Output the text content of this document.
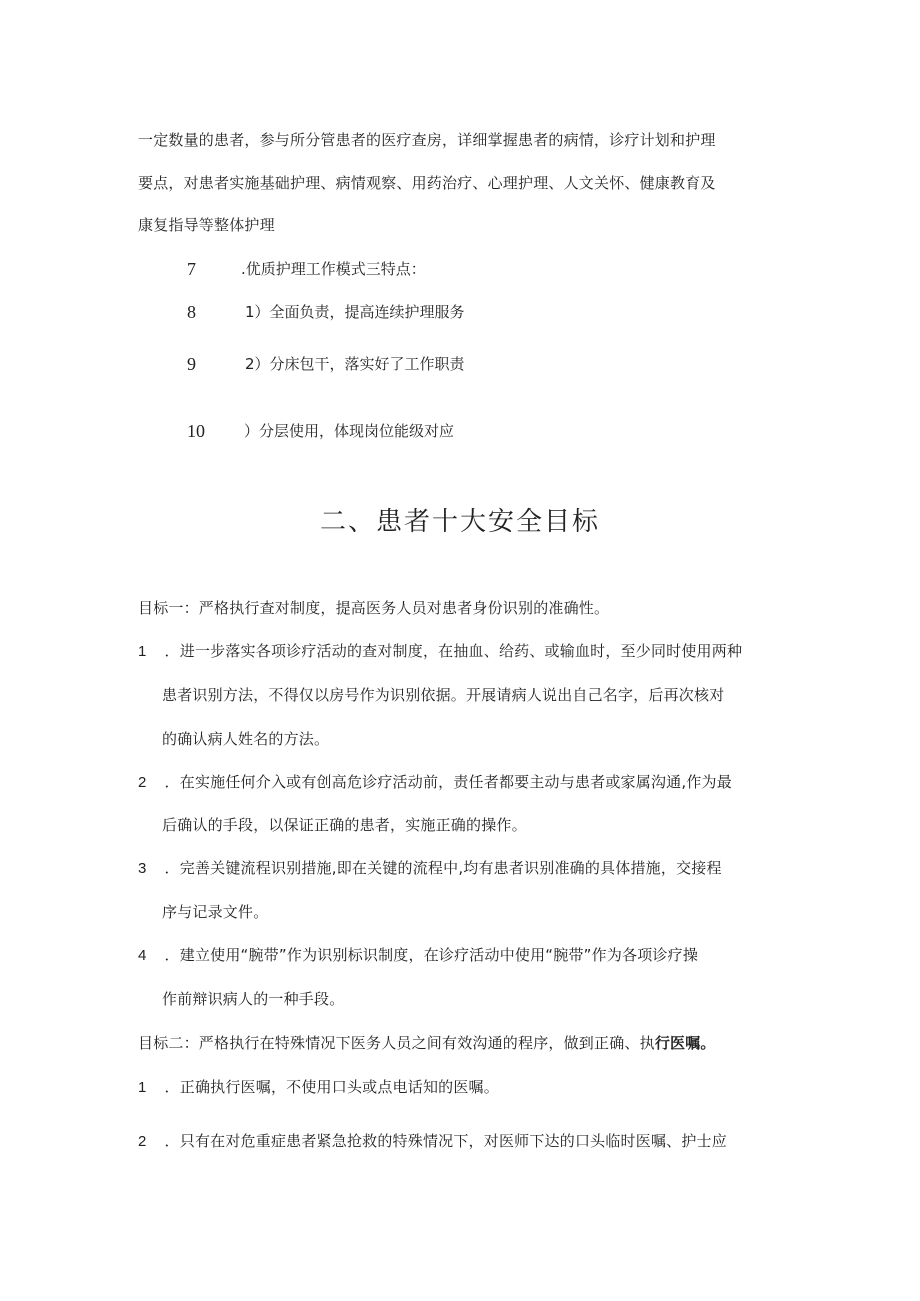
一定数量的患者，参与所分管患者的医疗查房，详细掌握患者的病情，诊疗计划和护理
要点，对患者实施基础护理、病情观察、用药治疗、心理护理、人文关怀、健康教育及
康复指导等整体护理
7	.优质护理工作模式三特点：
8	1）全面负责，提高连续护理服务
9	2）分床包干，落实好了工作职责
10	）分层使用，体现岗位能级对应
二、患者十大安全目标
目标一：严格执行查对制度，提高医务人员对患者身份识别的准确性。
1 ．进一步落实各项诊疗活动的查对制度，在抽血、给药、或输血时，至少同时使用两种
患者识别方法，不得仅以房号作为识别依据。开展请病人说出自己名字，后再次核对
的确认病人姓名的方法。
2 ．在实施任何介入或有创高危诊疗活动前，责任者都要主动与患者或家属沟通,作为最
后确认的手段，以保证正确的患者，实施正确的操作。
3 ．完善关键流程识别措施,即在关键的流程中,均有患者识别准确的具体措施，交接程
序与记录文件。
4 ．建立使用“腕带”作为识别标识制度，在诊疗活动中使用“腕带”作为各项诊疗操
作前辩识病人的一种手段。
目标二：严格执行在特殊情况下医务人员之间有效沟通的程序，做到正确、执行医嘱。
1 ．正确执行医嘱，不使用口头或点电话知的医嘱。
2 ．只有在对危重症患者紧急抢救的特殊情况下，对医师下达的口头临时医嘱、护士应
